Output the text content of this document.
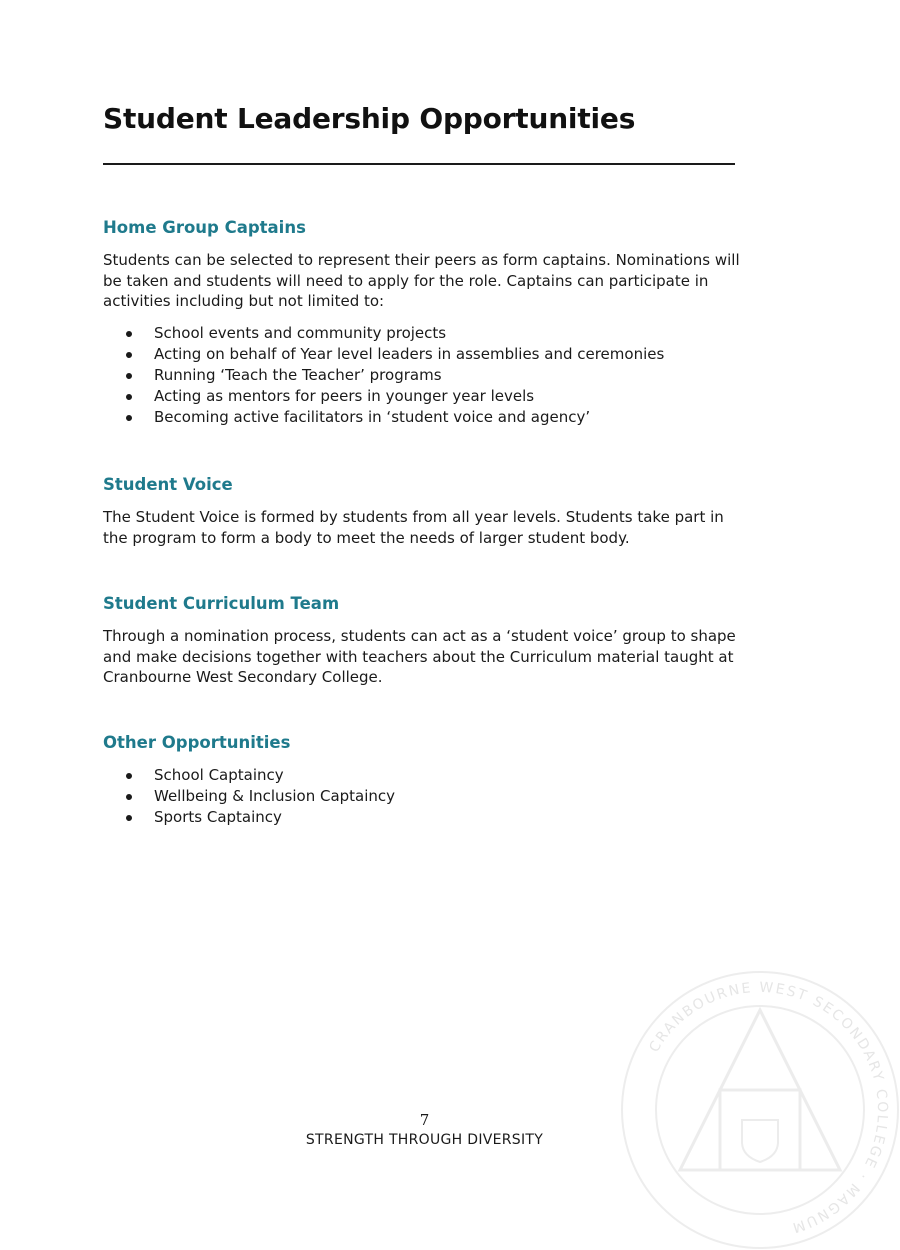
CRANBOURNE WEST SECONDARY COLLEGE · MAGNUM
Student Leadership Opportunities
Home Group Captains

Students can be selected to represent their peers as form captains. Nominations will be taken and students will need to apply for the role. Captains can participate in activities including but not limited to:

School events and community projects
Acting on behalf of Year level leaders in assemblies and ceremonies
Running ‘Teach the Teacher’ programs
Acting as mentors for peers in younger year levels
Becoming active facilitators in ‘student voice and agency’
Student Voice

The Student Voice is formed by students from all year levels. Students take part in the program to form a body to meet the needs of larger student body.

Student Curriculum Team

Through a nomination process, students can act as a ‘student voice’ group to shape and make decisions together with teachers about the Curriculum material taught at Cranbourne West Secondary College.

Other Opportunities
School Captaincy
Wellbeing & Inclusion Captaincy
Sports Captaincy
7
STRENGTH THROUGH DIVERSITY
